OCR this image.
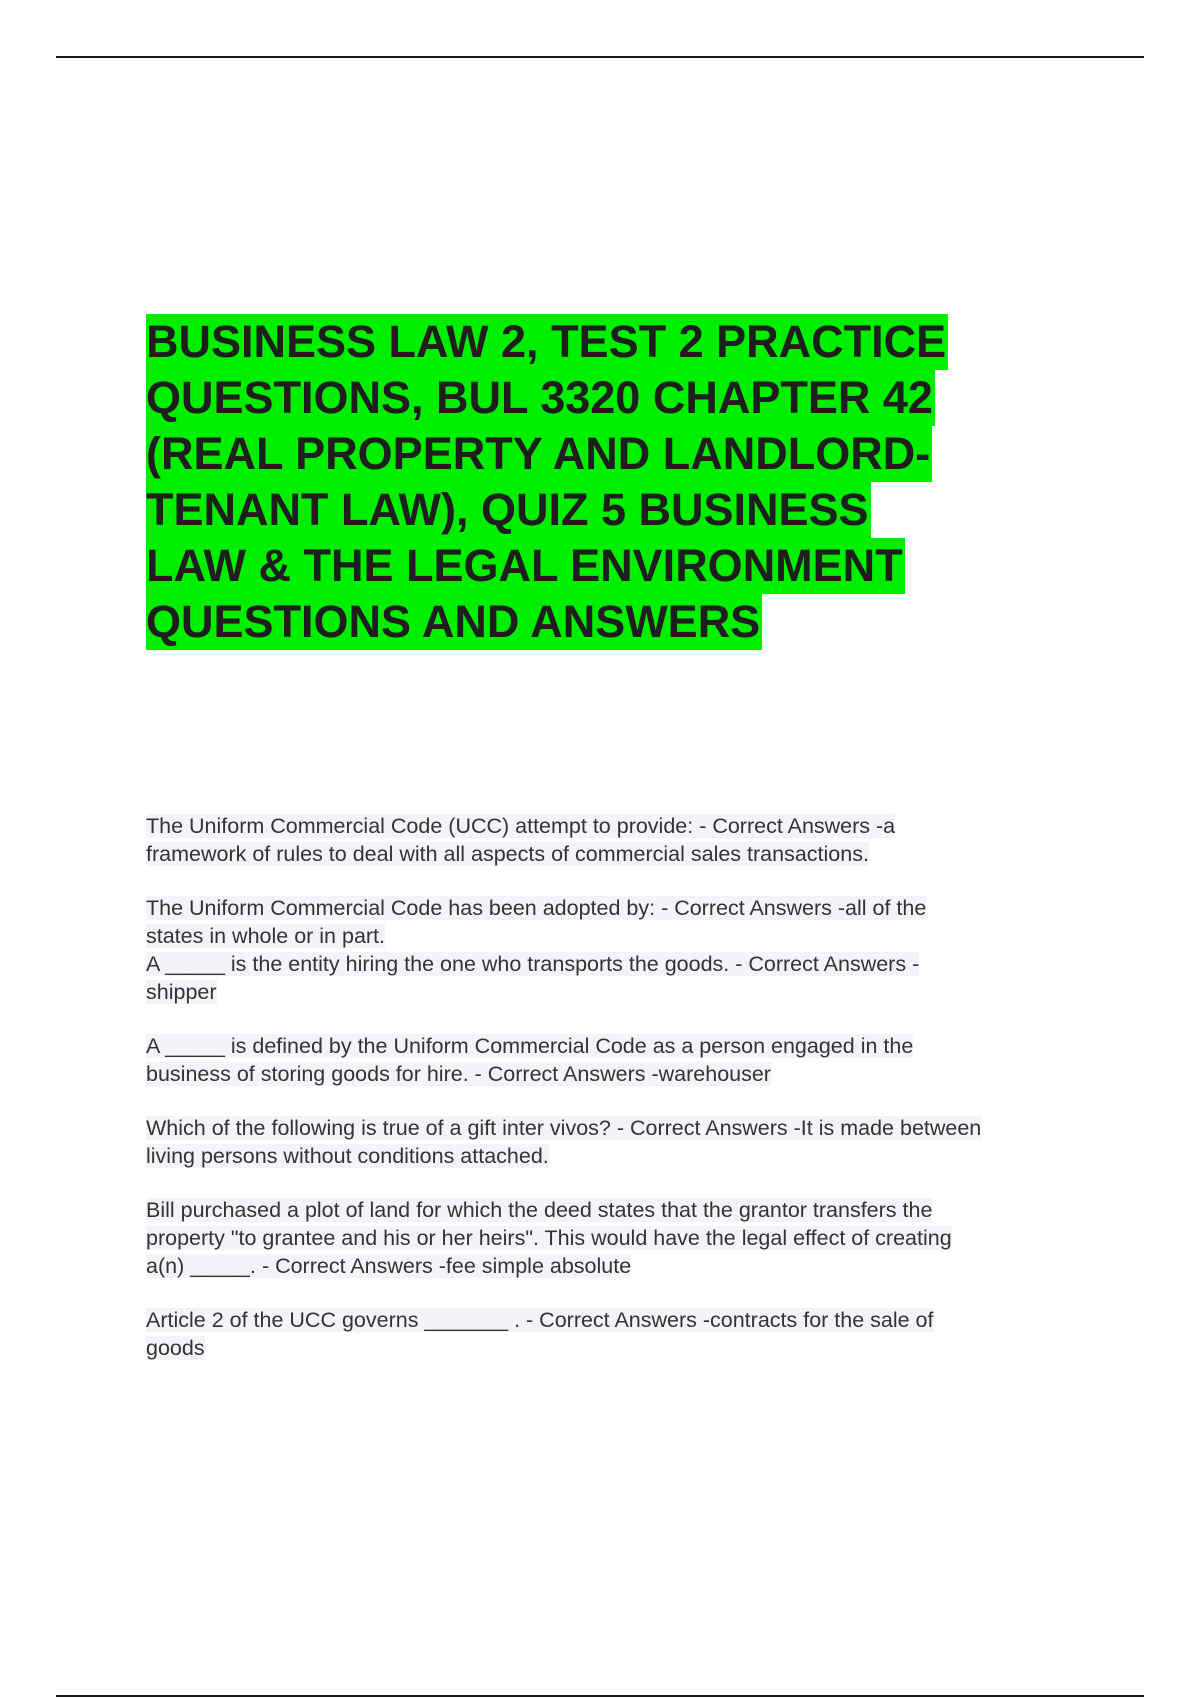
BUSINESS LAW 2, TEST 2 PRACTICE
QUESTIONS, BUL 3320 CHAPTER 42
(REAL PROPERTY AND LANDLORD-
TENANT LAW), QUIZ 5 BUSINESS
LAW & THE LEGAL ENVIRONMENT
QUESTIONS AND ANSWERS

The Uniform Commercial Code (UCC) attempt to provide: - Correct Answers -a
framework of rules to deal with all aspects of commercial sales transactions.

The Uniform Commercial Code has been adopted by: - Correct Answers -all of the
states in whole or in part.

A _____ is the entity hiring the one who transports the goods. - Correct Answers -
shipper

A _____ is defined by the Uniform Commercial Code as a person engaged in the
business of storing goods for hire. - Correct Answers -warehouser

Which of the following is true of a gift inter vivos? - Correct Answers -It is made between
living persons without conditions attached.

Bill purchased a plot of land for which the deed states that the grantor transfers the
property "to grantee and his or her heirs". This would have the legal effect of creating
a(n) _____. - Correct Answers -fee simple absolute

Article 2 of the UCC governs _______ . - Correct Answers -contracts for the sale of
goods
